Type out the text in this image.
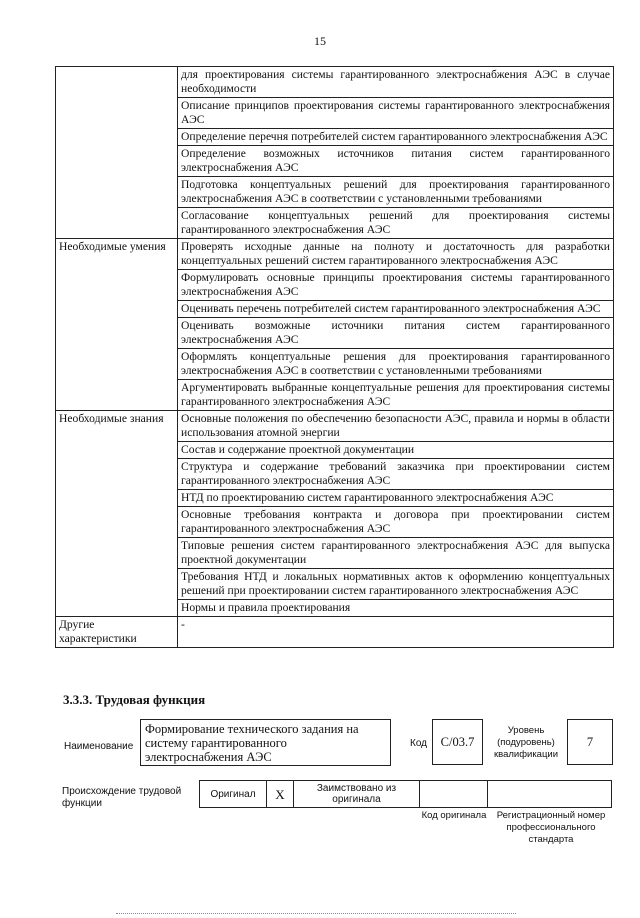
15
	для проектирования системы гарантированного электроснабжения АЭС в случае необходимости
	Описание принципов проектирования системы гарантированного электроснабжения АЭС
	Определение перечня потребителей систем гарантированного электроснабжения АЭС
	Определение возможных источников питания систем гарантированного электроснабжения АЭС
	Подготовка концептуальных решений для проектирования гарантированного электроснабжения АЭС в соответствии с установленными требованиями
	Согласование концептуальных решений для проектирования системы гарантированного электроснабжения АЭС
Необходимые умения	Проверять исходные данные на полноту и достаточность для разработки концептуальных решений систем гарантированного электроснабжения АЭС
	Формулировать основные принципы проектирования системы гарантированного электроснабжения АЭС
	Оценивать перечень потребителей систем гарантированного электроснабжения АЭС
	Оценивать возможные источники питания систем гарантированного электроснабжения АЭС
	Оформлять концептуальные решения для проектирования гарантированного электроснабжения АЭС в соответствии с установленными требованиями
	Аргументировать выбранные концептуальные решения для проектирования системы гарантированного электроснабжения АЭС
Необходимые знания	Основные положения по обеспечению безопасности АЭС, правила и нормы в области использования атомной энергии
	Состав и содержание проектной документации
	Структура и содержание требований заказчика при проектировании систем гарантированного электроснабжения АЭС
	НТД по проектированию систем гарантированного электроснабжения АЭС
	Основные требования контракта и договора при проектировании систем гарантированного электроснабжения АЭС
	Типовые решения систем гарантированного электроснабжения АЭС для выпуска проектной документации
	Требования НТД и локальных нормативных актов к оформлению концептуальных решений при проектировании систем гарантированного электроснабжения АЭС
	Нормы и правила проектирования
Другие характеристики	-
3.3.3. Трудовая функция
Наименование
Формирование технического задания на систему гарантированного электроснабжения АЭС
Код	С/03.7
Уровень (подуровень) квалификации
7
Происхождение трудовой функции
Оригинал	X	Заимствовано из оригинала		
Код оригинала	Регистрационный номер профессионального стандарта
